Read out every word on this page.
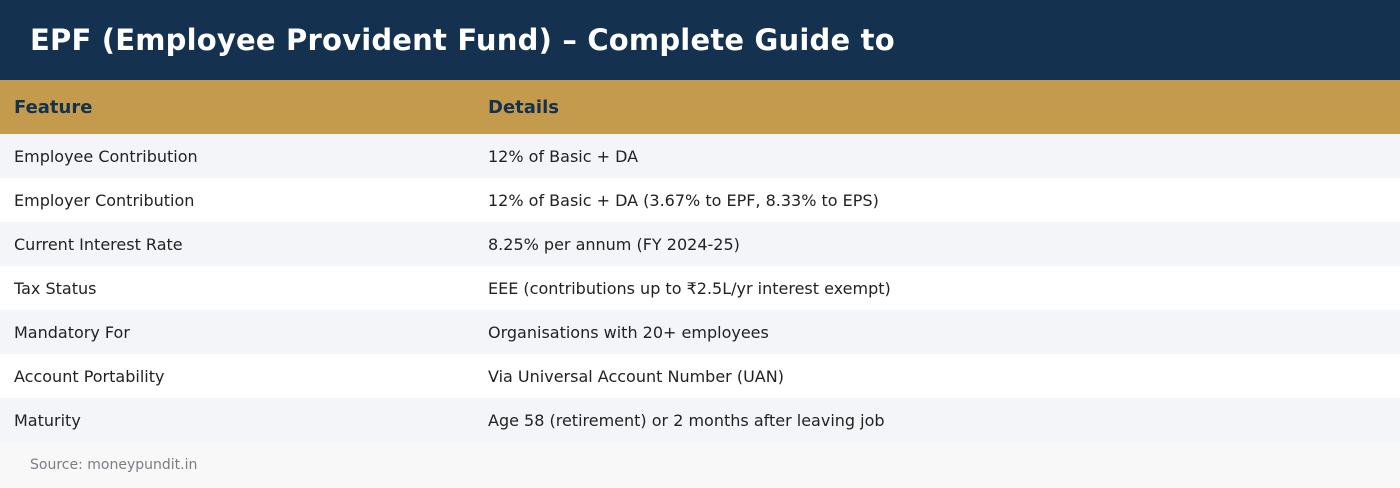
EPF (Employee Provident Fund) – Complete Guide to
Feature	Details
Employee Contribution	12% of Basic + DA
Employer Contribution	12% of Basic + DA (3.67% to EPF, 8.33% to EPS)
Current Interest Rate	8.25% per annum (FY 2024-25)
Tax Status	EEE (contributions up to ₹2.5L/yr interest exempt)
Mandatory For	Organisations with 20+ employees
Account Portability	Via Universal Account Number (UAN)
Maturity	Age 58 (retirement) or 2 months after leaving job
Source: moneypundit.in
